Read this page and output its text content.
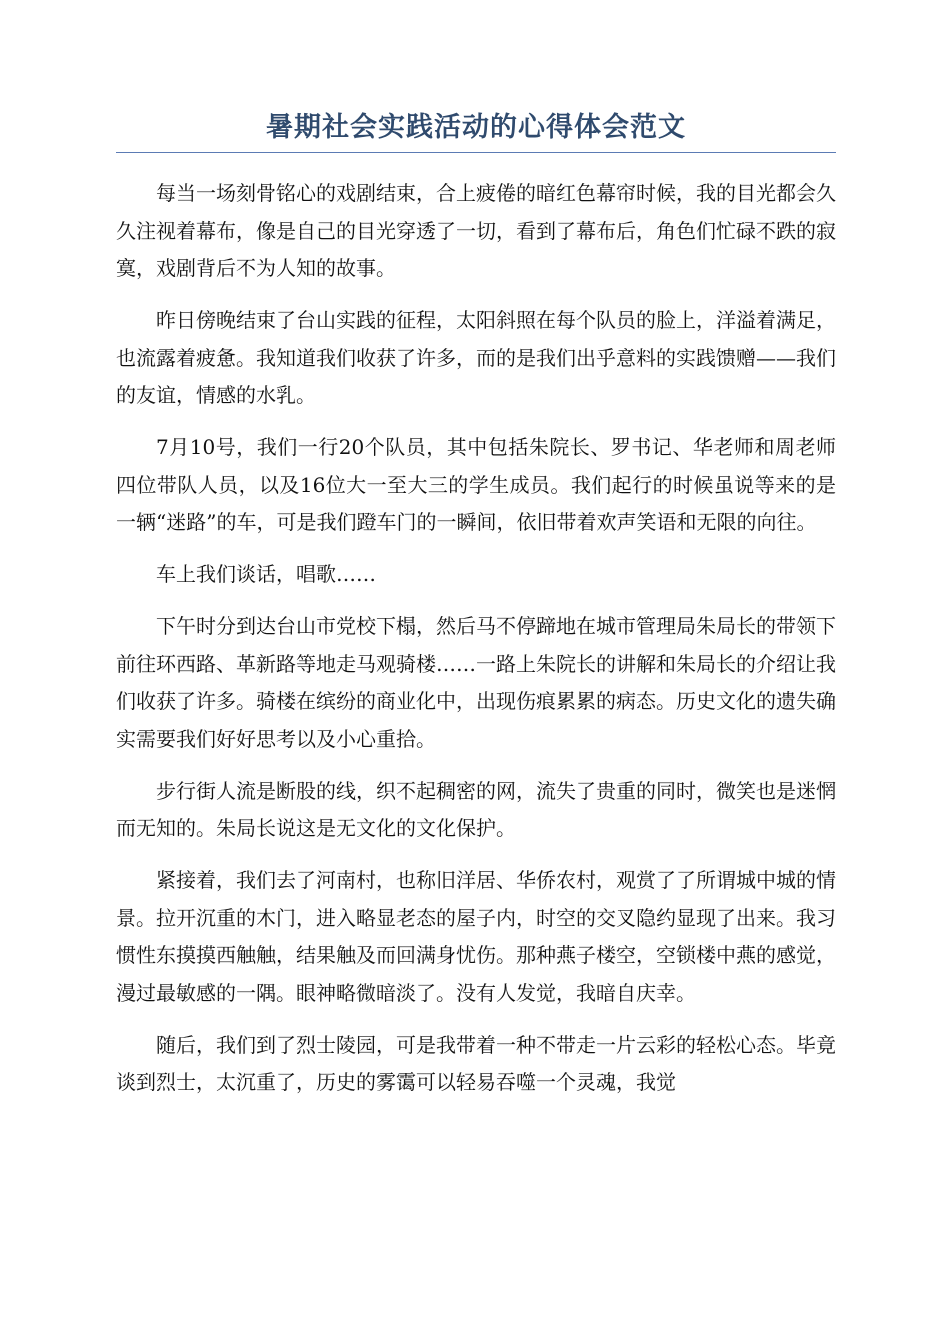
暑期社会实践活动的心得体会范文

每当一场刻骨铭心的戏剧结束，合上疲倦的暗红色幕帘时候，我的目光都会久久注视着幕布，像是自己的目光穿透了一切，看到了幕布后，角色们忙碌不跌的寂寞，戏剧背后不为人知的故事。

昨日傍晚结束了台山实践的征程，太阳斜照在每个队员的脸上，洋溢着满足，也流露着疲惫。我知道我们收获了许多，而的是我们出乎意料的实践馈赠——我们的友谊，情感的水乳。

7月10号，我们一行20个队员，其中包括朱院长、罗书记、华老师和周老师四位带队人员，以及16位大一至大三的学生成员。我们起行的时候虽说等来的是一辆“迷路”的车，可是我们蹬车门的一瞬间，依旧带着欢声笑语和无限的向往。

车上我们谈话，唱歌……

下午时分到达台山市党校下榻，然后马不停蹄地在城市管理局朱局长的带领下前往环西路、革新路等地走马观骑楼……一路上朱院长的讲解和朱局长的介绍让我们收获了许多。骑楼在缤纷的商业化中，出现伤痕累累的病态。历史文化的遗失确实需要我们好好思考以及小心重拾。

步行街人流是断股的线，织不起稠密的网，流失了贵重的同时，微笑也是迷惘而无知的。朱局长说这是无文化的文化保护。

紧接着，我们去了河南村，也称旧洋居、华侨农村，观赏了了所谓城中城的情景。拉开沉重的木门，进入略显老态的屋子内，时空的交叉隐约显现了出来。我习惯性东摸摸西触触，结果触及而回满身忧伤。那种燕子楼空，空锁楼中燕的感觉，漫过最敏感的一隅。眼神略微暗淡了。没有人发觉，我暗自庆幸。

随后，我们到了烈士陵园，可是我带着一种不带走一片云彩的轻松心态。毕竟谈到烈士，太沉重了，历史的雾霭可以轻易吞噬一个灵魂，我觉
